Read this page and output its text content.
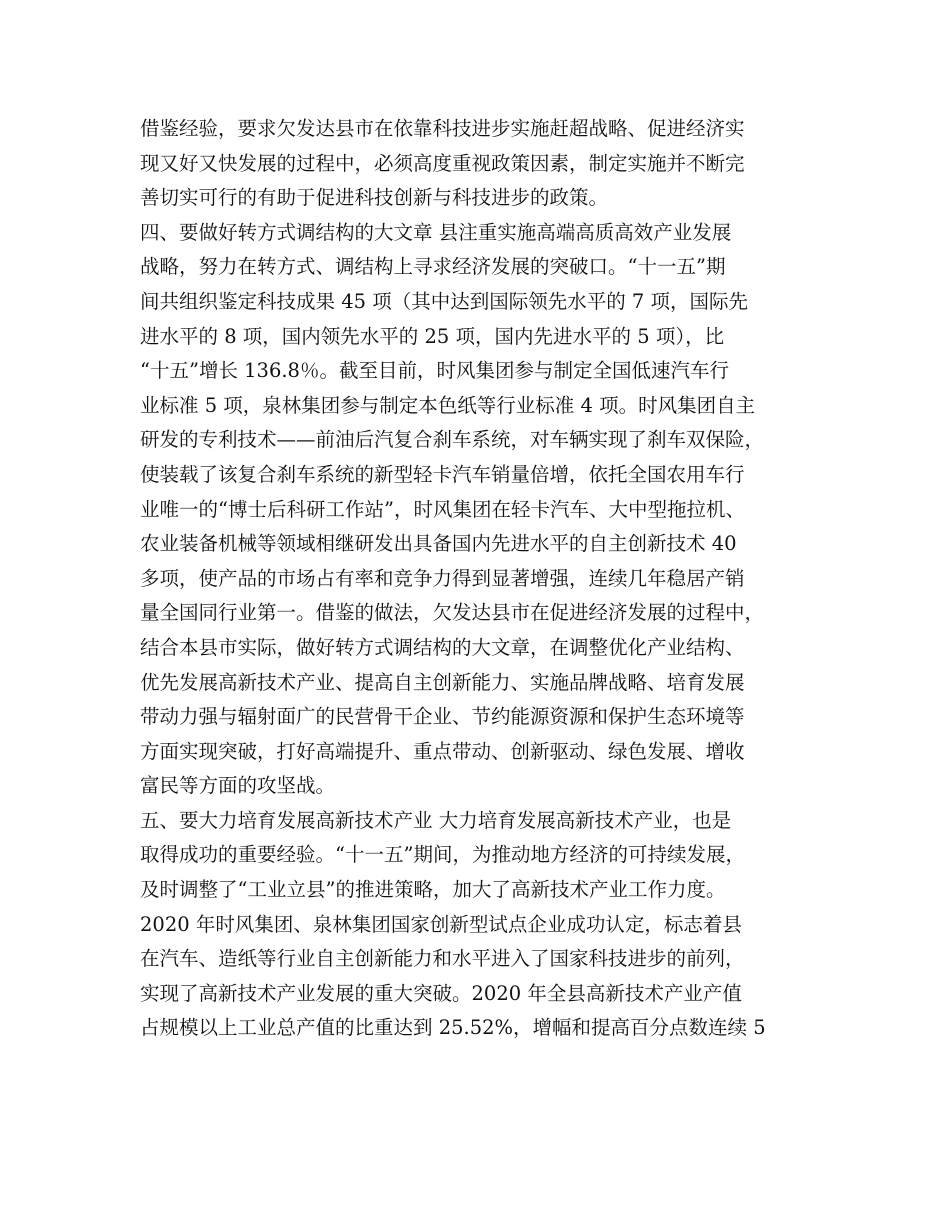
借鉴经验，要求欠发达县市在依靠科技进步实施赶超战略、促进经济实
现又好又快发展的过程中，必须高度重视政策因素，制定实施并不断完
善切实可行的有助于促进科技创新与科技进步的政策。
四、要做好转方式调结构的大文章 县注重实施高端高质高效产业发展
战略，努力在转方式、调结构上寻求经济发展的突破口。“十一五”期
间共组织鉴定科技成果 45 项（其中达到国际领先水平的 7 项，国际先
进水平的 8 项，国内领先水平的 25 项，国内先进水平的 5 项），比
“十五”增长 136.8％。截至目前，时风集团参与制定全国低速汽车行
业标准 5 项，泉林集团参与制定本色纸等行业标准 4 项。时风集团自主
研发的专利技术——前油后汽复合刹车系统，对车辆实现了刹车双保险，
使装载了该复合刹车系统的新型轻卡汽车销量倍增，依托全国农用车行
业唯一的“博士后科研工作站”，时风集团在轻卡汽车、大中型拖拉机、
农业装备机械等领域相继研发出具备国内先进水平的自主创新技术 40
多项，使产品的市场占有率和竞争力得到显著增强，连续几年稳居产销
量全国同行业第一。借鉴的做法，欠发达县市在促进经济发展的过程中，
结合本县市实际，做好转方式调结构的大文章，在调整优化产业结构、
优先发展高新技术产业、提高自主创新能力、实施品牌战略、培育发展
带动力强与辐射面广的民营骨干企业、节约能源资源和保护生态环境等
方面实现突破，打好高端提升、重点带动、创新驱动、绿色发展、增收
富民等方面的攻坚战。
五、要大力培育发展高新技术产业 大力培育发展高新技术产业，也是
取得成功的重要经验。“十一五”期间，为推动地方经济的可持续发展，
及时调整了“工业立县”的推进策略，加大了高新技术产业工作力度。
2020 年时风集团、泉林集团国家创新型试点企业成功认定，标志着县
在汽车、造纸等行业自主创新能力和水平进入了国家科技进步的前列，
实现了高新技术产业发展的重大突破。2020 年全县高新技术产业产值
占规模以上工业总产值的比重达到 25.52%，增幅和提高百分点数连续 5
